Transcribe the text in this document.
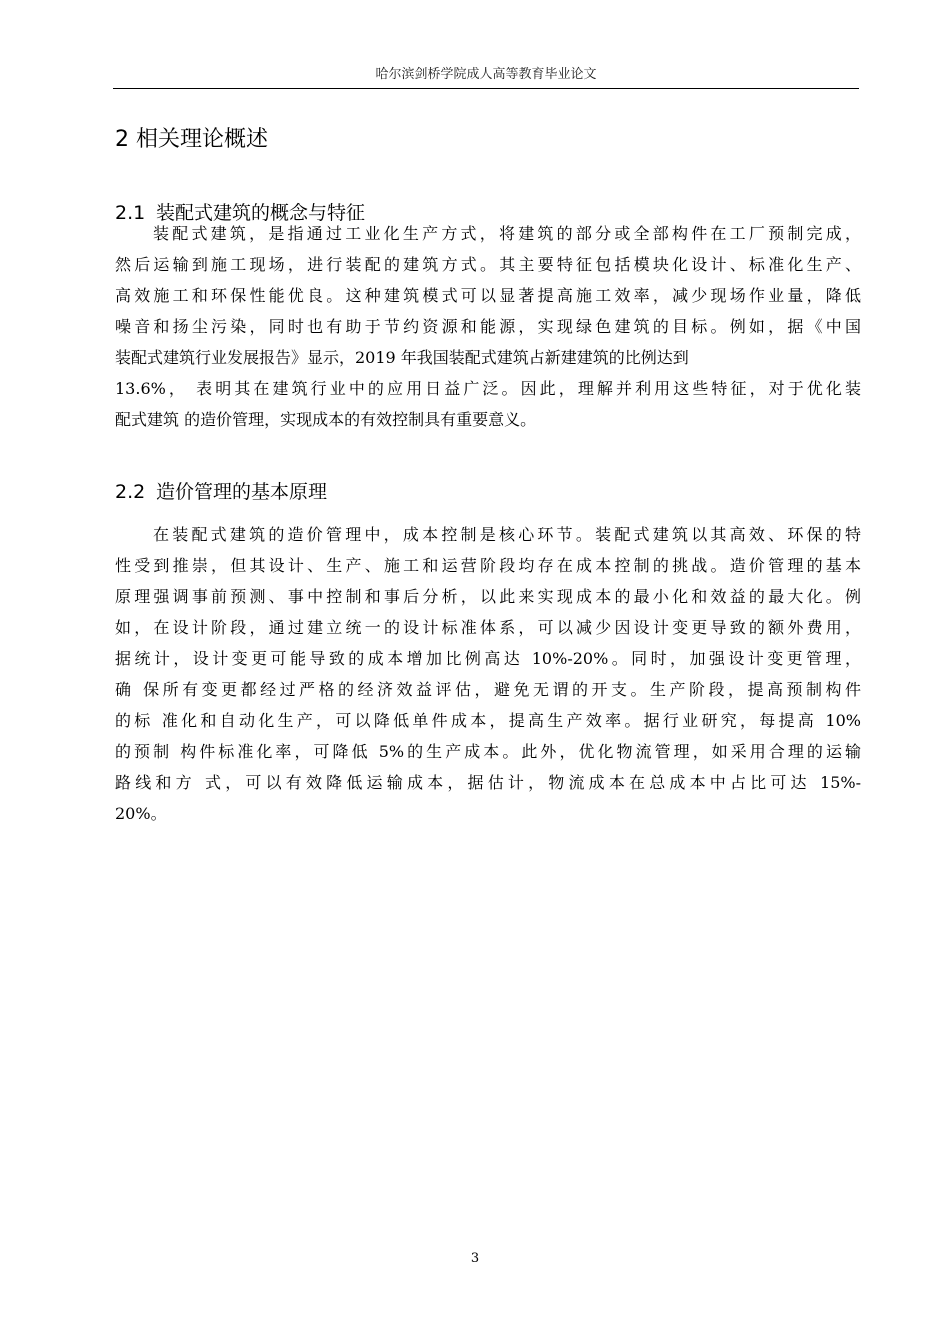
哈尔滨剑桥学院成人高等教育毕业论文
2 相关理论概述
2.1 装配式建筑的概念与特征
装配式建筑，是指通过工业化生产方式，将建筑的部分或全部构件在工厂预制完成，
然后运输到施工现场，进行装配的建筑方式。其主要特征包括模块化设计、标准化生产、
高效施工和环保性能优良。这种建筑模式可以显著提高施工效率，减少现场作业量，降低
噪音和扬尘污染，同时也有助于节约资源和能源，实现绿色建筑的目标。例如，据《中国
装配式建筑行业发展报告》显示，2019 年我国装配式建筑占新建建筑的比例达到
13.6%， 表明其在建筑行业中的应用日益广泛。因此，理解并利用这些特征，对于优化装
配式建筑 的造价管理，实现成本的有效控制具有重要意义。
2.2 造价管理的基本原理
在装配式建筑的造价管理中，成本控制是核心环节。装配式建筑以其高效、环保的特
性受到推崇，但其设计、生产、施工和运营阶段均存在成本控制的挑战。造价管理的基本
原理强调事前预测、事中控制和事后分析，以此来实现成本的最小化和效益的最大化。例
如，在设计阶段，通过建立统一的设计标准体系，可以减少因设计变更导致的额外费用，
据统计，设计变更可能导致的成本增加比例高达 10%-20%。同时，加强设计变更管理，
确 保所有变更都经过严格的经济效益评估，避免无谓的开支。生产阶段，提高预制构件
的标 准化和自动化生产，可以降低单件成本，提高生产效率。据行业研究，每提高 10%
的预制 构件标准化率，可降低 5%的生产成本。此外，优化物流管理，如采用合理的运输
路线和方 式，可以有效降低运输成本，据估计，物流成本在总成本中占比可达 15%-
20%。
3
